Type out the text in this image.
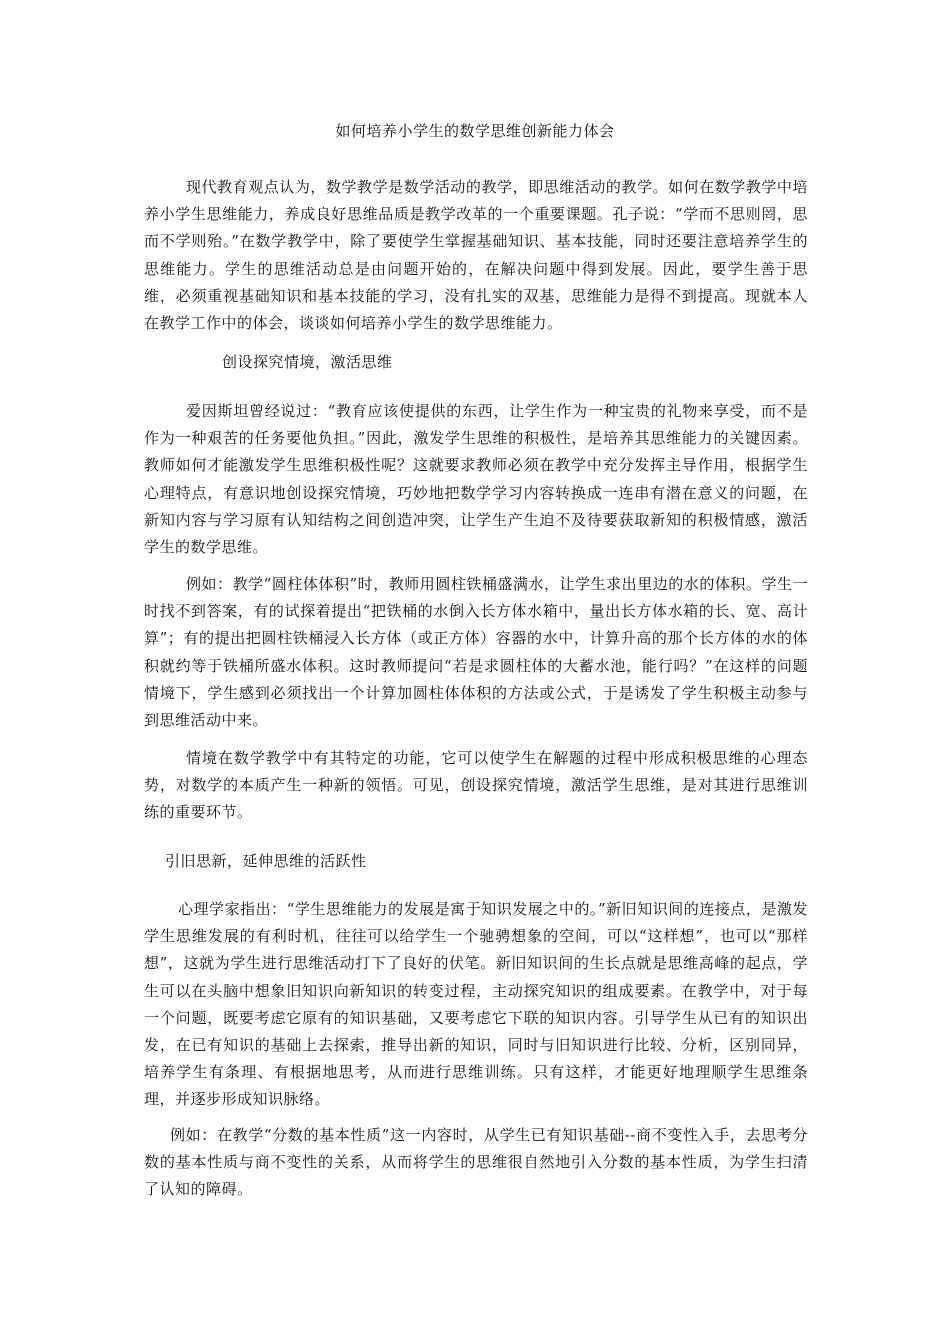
如何培养小学生的数学思维创新能力体会

现代教育观点认为，数学教学是数学活动的教学，即思维活动的教学。如何在数学教学中培养小学生思维能力，养成良好思维品质是教学改革的一个重要课题。孔子说：“学而不思则罔，思而不学则殆。”在数学教学中，除了要使学生掌握基础知识、基本技能，同时还要注意培养学生的思维能力。学生的思维活动总是由问题开始的，在解决问题中得到发展。因此，要学生善于思维，必须重视基础知识和基本技能的学习，没有扎实的双基，思维能力是得不到提高。现就本人在教学工作中的体会，谈谈如何培养小学生的数学思维能力。

创设探究情境，激活思维

爱因斯坦曾经说过：“教育应该使提供的东西，让学生作为一种宝贵的礼物来享受，而不是作为一种艰苦的任务要他负担。”因此，激发学生思维的积极性，是培养其思维能力的关键因素。教师如何才能激发学生思维积极性呢？这就要求教师必须在教学中充分发挥主导作用，根据学生心理特点，有意识地创设探究情境，巧妙地把数学学习内容转换成一连串有潜在意义的问题，在新知内容与学习原有认知结构之间创造冲突，让学生产生迫不及待要获取新知的积极情感，激活学生的数学思维。

例如：教学“圆柱体体积”时，教师用圆柱铁桶盛满水，让学生求出里边的水的体积。学生一时找不到答案，有的试探着提出“把铁桶的水倒入长方体水箱中，量出长方体水箱的长、宽、高计算”；有的提出把圆柱铁桶浸入长方体（或正方体）容器的水中，计算升高的那个长方体的水的体积就约等于铁桶所盛水体积。这时教师提问“若是求圆柱体的大蓄水池，能行吗？”在这样的问题情境下，学生感到必须找出一个计算加圆柱体体积的方法或公式，于是诱发了学生积极主动参与到思维活动中来。

情境在数学教学中有其特定的功能，它可以使学生在解题的过程中形成积极思维的心理态势，对数学的本质产生一种新的领悟。可见，创设探究情境，激活学生思维，是对其进行思维训练的重要环节。

引旧思新，延伸思维的活跃性

心理学家指出：“学生思维能力的发展是寓于知识发展之中的。”新旧知识间的连接点，是激发学生思维发展的有利时机，往往可以给学生一个驰骋想象的空间，可以“这样想”，也可以“那样想”，这就为学生进行思维活动打下了良好的伏笔。新旧知识间的生长点就是思维高峰的起点，学生可以在头脑中想象旧知识向新知识的转变过程，主动探究知识的组成要素。在教学中，对于每一个问题，既要考虑它原有的知识基础，又要考虑它下联的知识内容。引导学生从已有的知识出发，在已有知识的基础上去探索，推导出新的知识，同时与旧知识进行比较、分析，区别同异，培养学生有条理、有根据地思考，从而进行思维训练。只有这样，才能更好地理顺学生思维条理，并逐步形成知识脉络。

例如：在教学“分数的基本性质”这一内容时，从学生已有知识基础--商不变性入手，去思考分数的基本性质与商不变性的关系，从而将学生的思维很自然地引入分数的基本性质，为学生扫清了认知的障碍。
